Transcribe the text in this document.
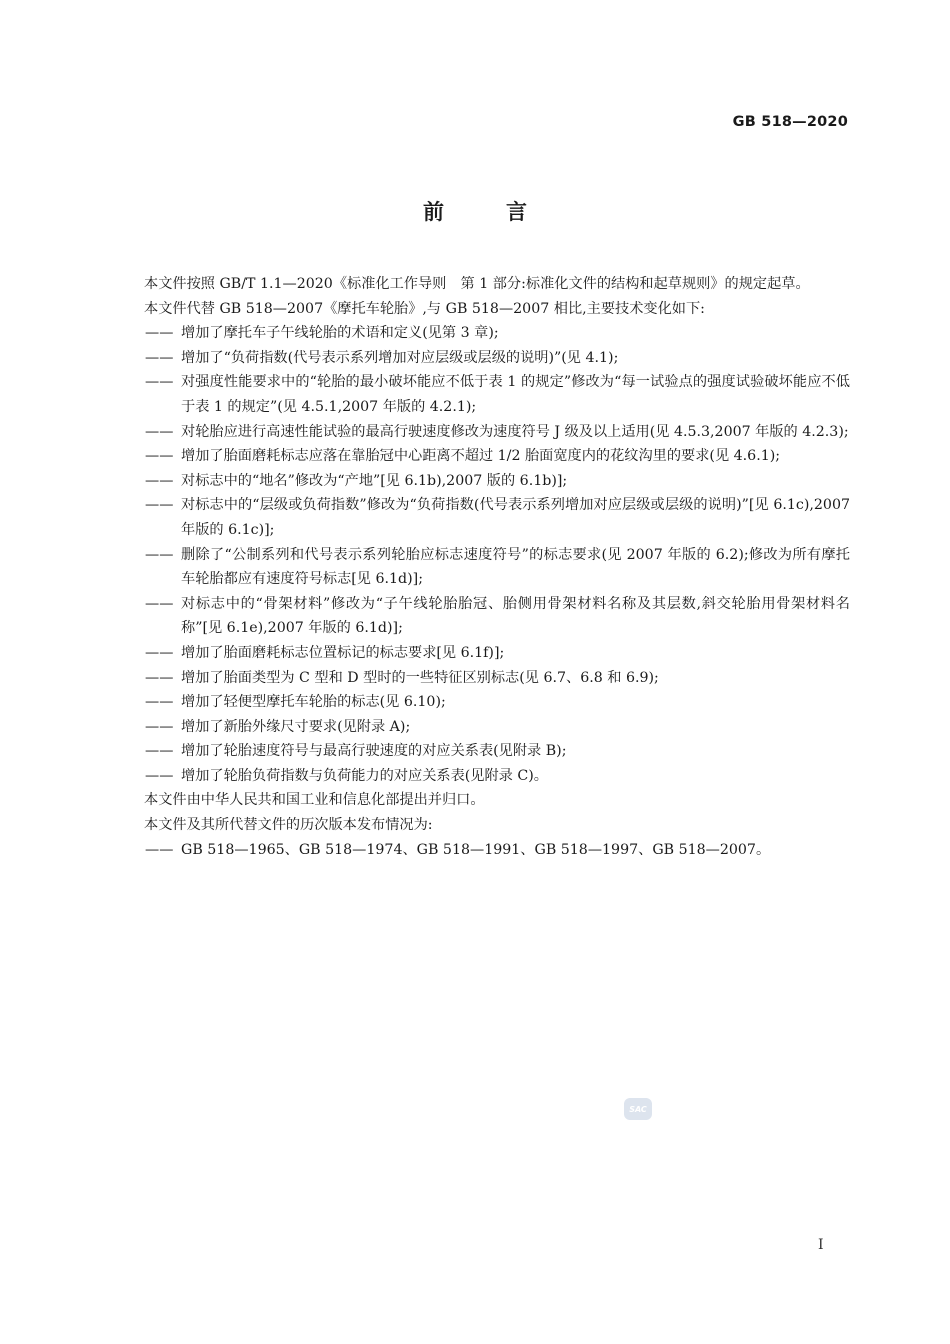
GB 518—2020
前言

本文件按照 GB/T 1.1—2020《标准化工作导则　第 1 部分:标准化文件的结构和起草规则》的规定起草。

本文件代替 GB 518—2007《摩托车轮胎》,与 GB 518—2007 相比,主要技术变化如下:

—— 增加了摩托车子午线轮胎的术语和定义(见第 3 章);
—— 增加了“负荷指数(代号表示系列增加对应层级或层级的说明)”(见 4.1);
—— 对强度性能要求中的“轮胎的最小破坏能应不低于表 1 的规定”修改为“每一试验点的强度试验破坏能应不低于表 1 的规定”(见 4.5.1,2007 年版的 4.2.1);
—— 对轮胎应进行高速性能试验的最高行驶速度修改为速度符号 J 级及以上适用(见 4.5.3,2007 年版的 4.2.3);
—— 增加了胎面磨耗标志应落在靠胎冠中心距离不超过 1/2 胎面宽度内的花纹沟里的要求(见 4.6.1);
—— 对标志中的“地名”修改为“产地”[见 6.1b),2007 版的 6.1b)];
—— 对标志中的“层级或负荷指数”修改为“负荷指数(代号表示系列增加对应层级或层级的说明)”[见 6.1c),2007 年版的 6.1c)];
—— 删除了“公制系列和代号表示系列轮胎应标志速度符号”的标志要求(见 2007 年版的 6.2);修改为所有摩托车轮胎都应有速度符号标志[见 6.1d)];
—— 对标志中的“骨架材料”修改为“子午线轮胎胎冠、胎侧用骨架材料名称及其层数,斜交轮胎用骨架材料名称”[见 6.1e),2007 年版的 6.1d)];
—— 增加了胎面磨耗标志位置标记的标志要求[见 6.1f)];
—— 增加了胎面类型为 C 型和 D 型时的一些特征区别标志(见 6.7、6.8 和 6.9);
—— 增加了轻便型摩托车轮胎的标志(见 6.10);
—— 增加了新胎外缘尺寸要求(见附录 A);
—— 增加了轮胎速度符号与最高行驶速度的对应关系表(见附录 B);
—— 增加了轮胎负荷指数与负荷能力的对应关系表(见附录 C)。

本文件由中华人民共和国工业和信息化部提出并归口。

本文件及其所代替文件的历次版本发布情况为:

—— GB 518—1965、GB 518—1974、GB 518—1991、GB 518—1997、GB 518—2007。
SAC
I
